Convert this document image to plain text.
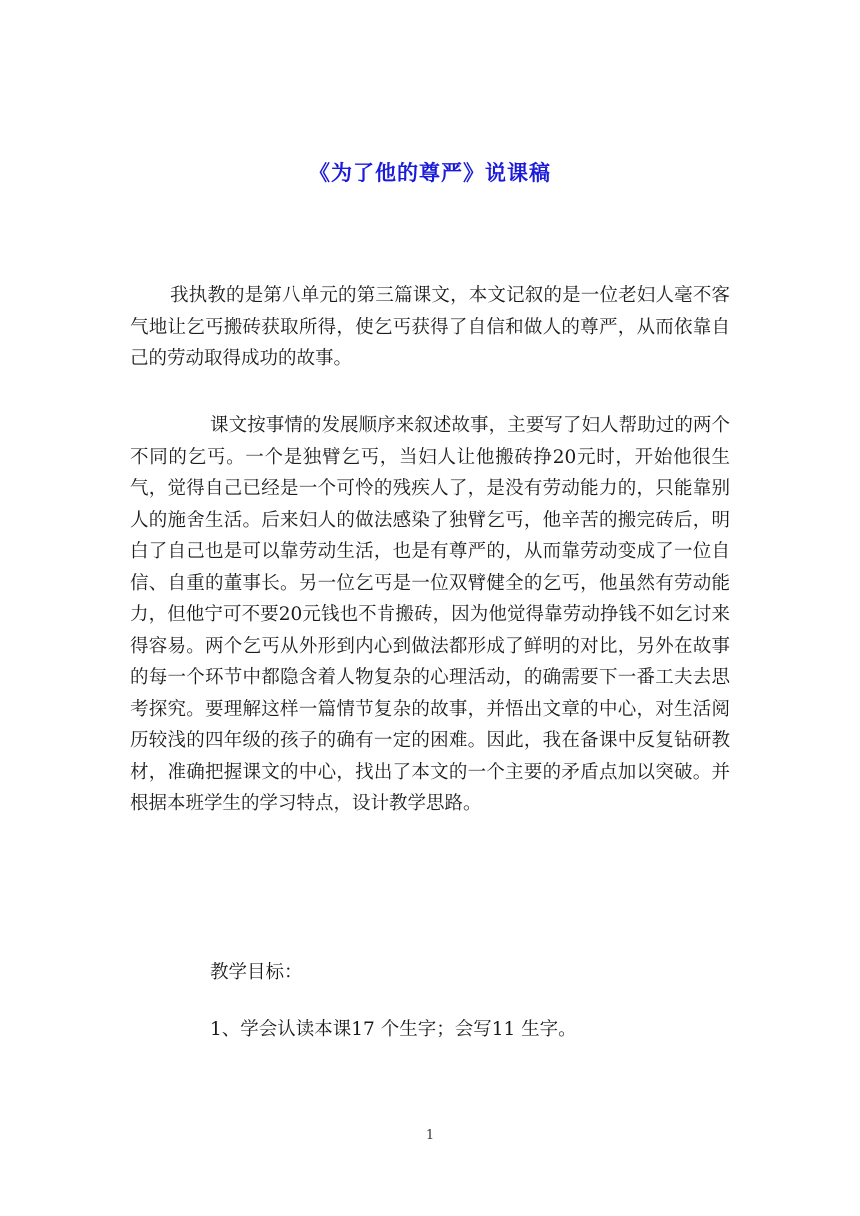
《为了他的尊严》说课稿

我执教的是第八单元的第三篇课文，本文记叙的是一位老妇人毫不客气地让乞丐搬砖获取所得，使乞丐获得了自信和做人的尊严，从而依靠自己的劳动取得成功的故事。

课文按事情的发展顺序来叙述故事，主要写了妇人帮助过的两个不同的乞丐。一个是独臂乞丐，当妇人让他搬砖挣20元时，开始他很生气，觉得自己已经是一个可怜的残疾人了，是没有劳动能力的，只能靠别人的施舍生活。后来妇人的做法感染了独臂乞丐，他辛苦的搬完砖后，明白了自己也是可以靠劳动生活，也是有尊严的，从而靠劳动变成了一位自信、自重的董事长。另一位乞丐是一位双臂健全的乞丐，他虽然有劳动能力，但他宁可不要20元钱也不肯搬砖，因为他觉得靠劳动挣钱不如乞讨来得容易。两个乞丐从外形到内心到做法都形成了鲜明的对比，另外在故事的每一个环节中都隐含着人物复杂的心理活动，的确需要下一番工夫去思考探究。要理解这样一篇情节复杂的故事，并悟出文章的中心，对生活阅历较浅的四年级的孩子的确有一定的困难。因此，我在备课中反复钻研教材，准确把握课文的中心，找出了本文的一个主要的矛盾点加以突破。并根据本班学生的学习特点，设计教学思路。

教学目标：

1、学会认读本课17 个生字；会写11 生字。

1
